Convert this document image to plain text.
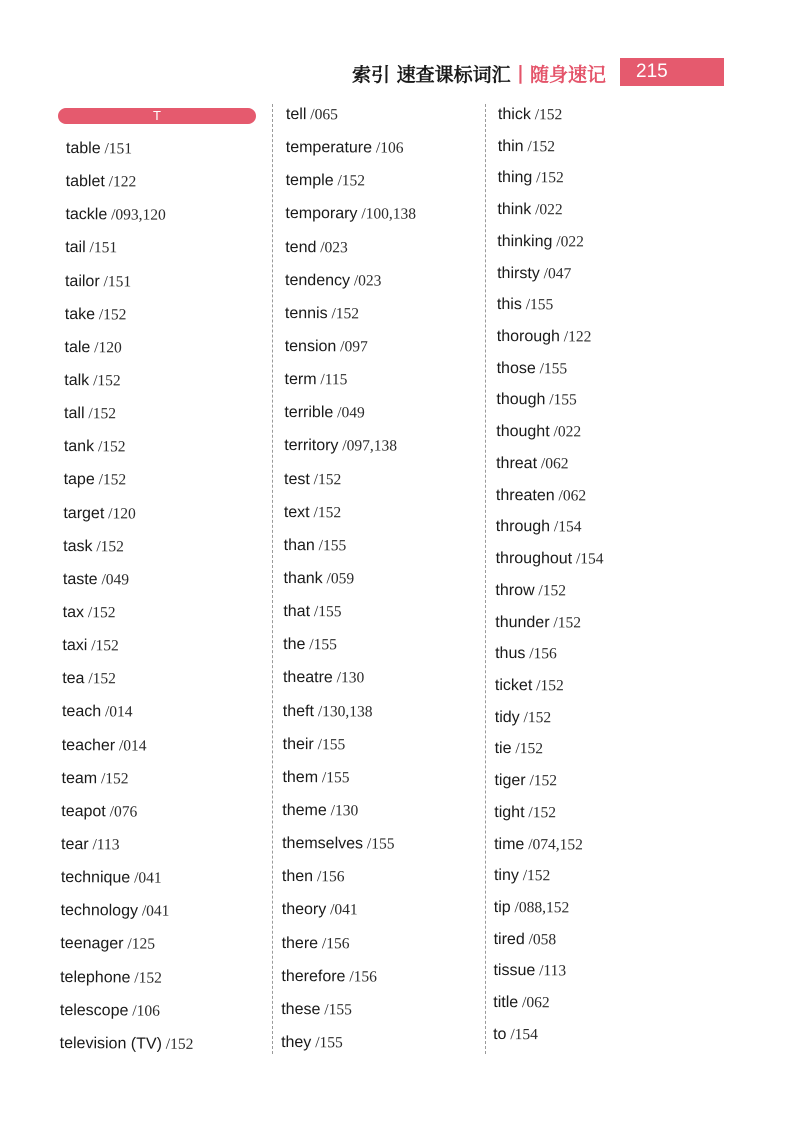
索引 速查课标词汇 | 随身速记	215
T
table /151
tablet /122
tackle /093,120
tail /151
tailor /151
take /152
tale /120
talk /152
tall /152
tank /152
tape /152
target /120
task /152
taste /049
tax /152
taxi /152
tea /152
teach /014
teacher /014
team /152
teapot /076
tear /113
technique /041
technology /041
teenager /125
telephone /152
telescope /106
television (TV) /152
tell /065
temperature /106
temple /152
temporary /100,138
tend /023
tendency /023
tennis /152
tension /097
term /115
terrible /049
territory /097,138
test /152
text /152
than /155
thank /059
that /155
the /155
theatre /130
theft /130,138
their /155
them /155
theme /130
themselves /155
then /156
theory /041
there /156
therefore /156
these /155
they /155
thick /152
thin /152
thing /152
think /022
thinking /022
thirsty /047
this /155
thorough /122
those /155
though /155
thought /022
threat /062
threaten /062
through /154
throughout /154
throw /152
thunder /152
thus /156
ticket /152
tidy /152
tie /152
tiger /152
tight /152
time /074,152
tiny /152
tip /088,152
tired /058
tissue /113
title /062
to /154
